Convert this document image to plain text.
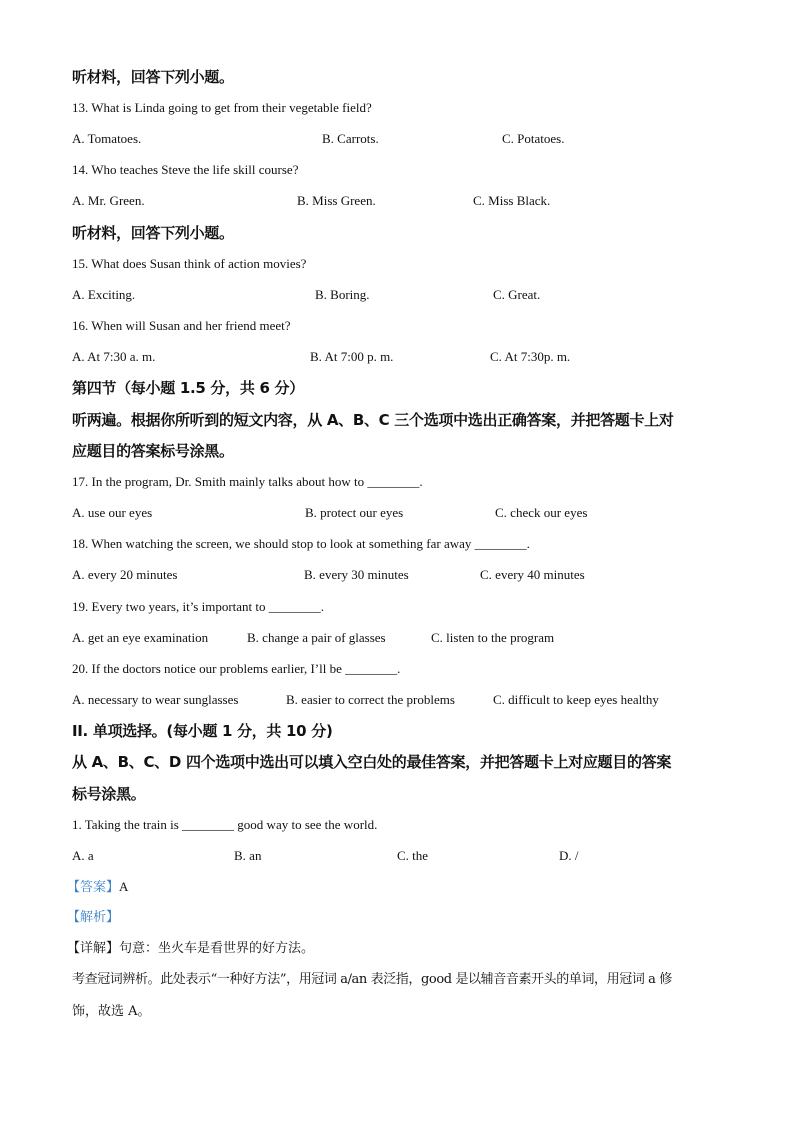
听材料，回答下列小题。
13. What is Linda going to get from their vegetable field?
A. Tomatoes.	B. Carrots.	C. Potatoes.
14. Who teaches Steve the life skill course?
A. Mr. Green.	B. Miss Green.	C. Miss Black.
听材料，回答下列小题。
15. What does Susan think of action movies?
A. Exciting.	B. Boring.	C. Great.
16. When will Susan and her friend meet?
A. At 7:30 a. m.	B. At 7:00 p. m.	C. At 7:30p. m.
第四节（每小题 1.5 分，共 6 分）
听两遍。根据你所听到的短文内容，从 A、B、C 三个选项中选出正确答案，并把答题卡上对
应题目的答案标号涂黑。
17. In the program, Dr. Smith mainly talks about how to ________.
A. use our eyes	B. protect our eyes	C. check our eyes
18. When watching the screen, we should stop to look at something far away ________.
A. every 20 minutes	B. every 30 minutes	C. every 40 minutes
19. Every two years, it’s important to ________.
A. get an eye examination	B. change a pair of glasses	C. listen to the program
20. If the doctors notice our problems earlier, I’ll be ________.
A. necessary to wear sunglasses	B. easier to correct the problems	C. difficult to keep eyes healthy
II. 单项选择。(每小题 1 分，共 10 分)
从 A、B、C、D 四个选项中选出可以填入空白处的最佳答案，并把答题卡上对应题目的答案
标号涂黑。
1. Taking the train is ________ good way to see the world.
A. a	B. an	C. the	D. /
【答案】A
【解析】
【详解】句意：坐火车是看世界的好方法。
考查冠词辨析。此处表示“一种好方法”，用冠词 a/an 表泛指，good 是以辅音音素开头的单词，用冠词 a 修
饰，故选 A。
